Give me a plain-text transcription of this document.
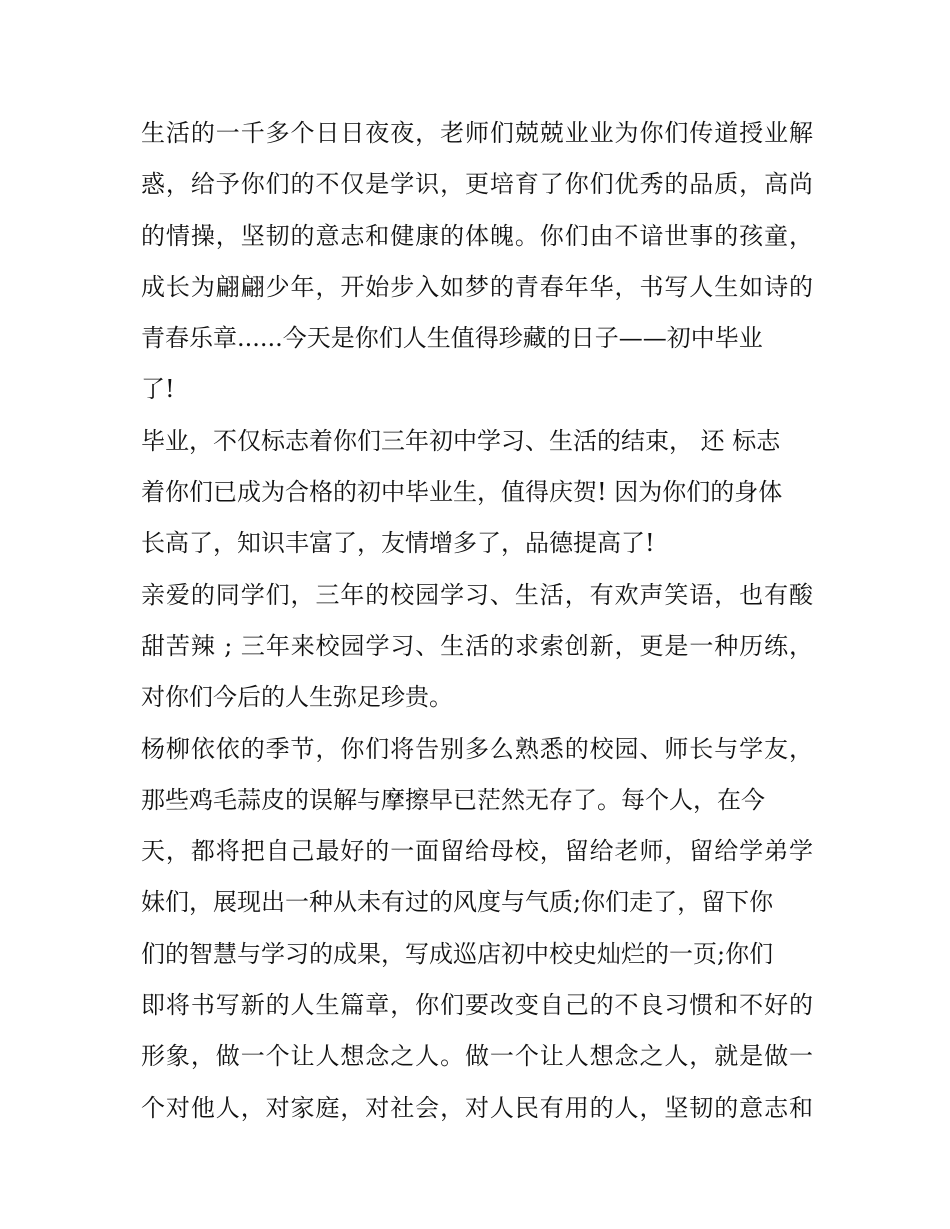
生活的一千多个日日夜夜，老师们兢兢业业为你们传道授业解
惑，给予你们的不仅是学识，更培育了你们优秀的品质，高尚
的情操，坚韧的意志和健康的体魄。你们由不谙世事的孩童，
成长为翩翩少年，开始步入如梦的青春年华，书写人生如诗的
青春乐章......今天是你们人生值得珍藏的日子——初中毕业
了!
毕业，不仅标志着你们三年初中学习、生活的结束， 还 标志
着你们已成为合格的初中毕业生，值得庆贺! 因为你们的身体
长高了，知识丰富了，友情增多了，品德提高了!
亲爱的同学们，三年的校园学习、生活，有欢声笑语，也有酸
甜苦辣 ; 三年来校园学习、生活的求索创新，更是一种历练，
对你们今后的人生弥足珍贵。
杨柳依依的季节，你们将告别多么熟悉的校园、师长与学友，
那些鸡毛蒜皮的误解与摩擦早已茫然无存了。每个人，在今
天，都将把自己最好的一面留给母校，留给老师，留给学弟学
妹们，展现出一种从未有过的风度与气质;你们走了，留下你
们的智慧与学习的成果，写成巡店初中校史灿烂的一页;你们
即将书写新的人生篇章，你们要改变自己的不良习惯和不好的
形象，做一个让人想念之人。做一个让人想念之人，就是做一
个对他人，对家庭，对社会，对人民有用的人，坚韧的意志和
